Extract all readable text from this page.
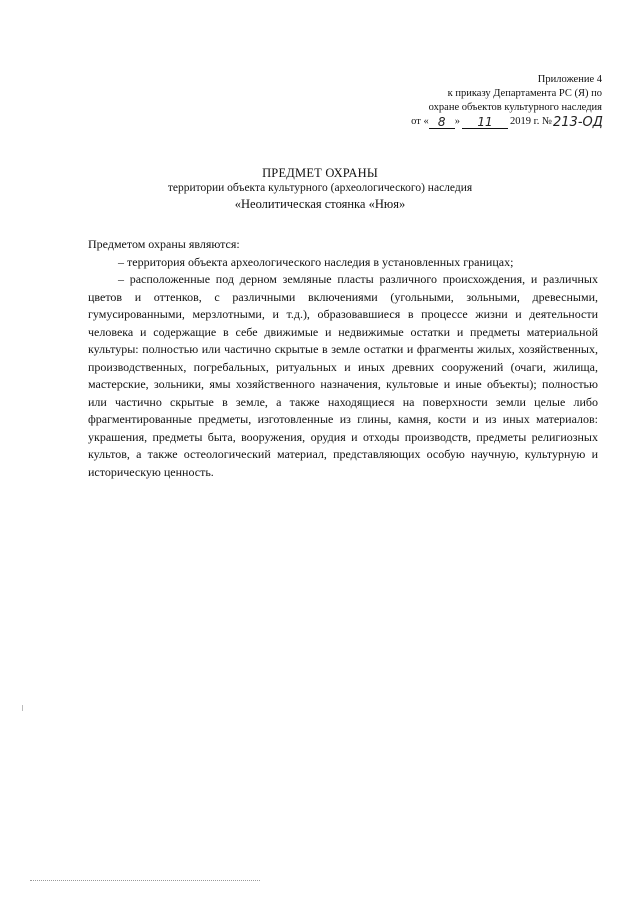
Приложение 4
к приказу Департамента РС (Я) по
охране объектов культурного наследия
от « 8 »	11	2019 г. № 213-ОД
ПРЕДМЕТ ОХРАНЫ
территории объекта культурного (археологического) наследия
«Неолитическая стоянка «Нюя»

Предметом охраны являются:

– территория объекта археологического наследия в установленных границах;

– расположенные под дерном земляные пласты различного происхождения, и различных цветов и оттенков, с различными включениями (угольными, зольными, древесными, гумусированными, мерзлотными, и т.д.), образовавшиеся в процессе жизни и деятельности человека и содержащие в себе движимые и недвижимые остатки и предметы материальной культуры: полностью или частично скрытые в земле остатки и фрагменты жилых, хозяйственных, производственных, погребальных, ритуальных и иных древних сооружений (очаги, жилища, мастерские, зольники, ямы хозяйственного назначения, культовые и иные объекты); полностью или частично скрытые в земле, а также находящиеся на поверхности земли целые либо фрагментированные предметы, изготовленные из глины, камня, кости и из иных материалов: украшения, предметы быта, вооружения, орудия и отходы производств, предметы религиозных культов, а также остеологический материал, представляющих особую научную, культурную и историческую ценность.
